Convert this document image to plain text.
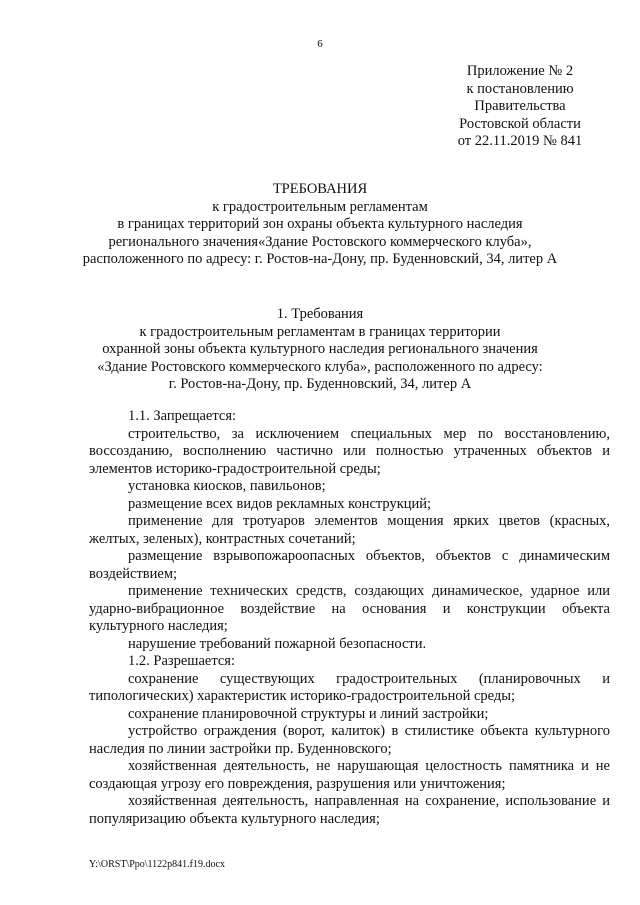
6
Приложение № 2
к постановлению
Правительства
Ростовской области
от 22.11.2019 № 841
ТРЕБОВАНИЯ
к градостроительным регламентам
в границах территорий зон охраны объекта культурного наследия
регионального значения«Здание Ростовского коммерческого клуба»,
расположенного по адресу: г. Ростов-на-Дону, пр. Буденновский, 34, литер А
1. Требования
к градостроительным регламентам в границах территории
охранной зоны объекта культурного наследия регионального значения
«Здание Ростовского коммерческого клуба», расположенного по адресу:
г. Ростов-на-Дону, пр. Буденновский, 34, литер А

1.1. Запрещается:

строительство, за исключением специальных мер по восстановлению, воссозданию, восполнению частично или полностью утраченных объектов и элементов историко-градостроительной среды;

установка киосков, павильонов;

размещение всех видов рекламных конструкций;

применение для тротуаров элементов мощения ярких цветов (красных, желтых, зеленых), контрастных сочетаний;

размещение взрывопожароопасных объектов, объектов с динамическим воздействием;

применение технических средств, создающих динамическое, ударное или ударно-вибрационное воздействие на основания и конструкции объекта культурного наследия;

нарушение требований пожарной безопасности.

1.2. Разрешается:

сохранение существующих градостроительных (планировочных и типологических) характеристик историко-градостроительной среды;

сохранение планировочной структуры и линий застройки;

устройство ограждения (ворот, калиток) в стилистике объекта культурного наследия по линии застройки пр. Буденновского;

хозяйственная деятельность, не нарушающая целостность памятника и не создающая угрозу его повреждения, разрушения или уничтожения;

хозяйственная деятельность, направленная на сохранение, использование и популяризацию объекта культурного наследия;

Y:\ORST\Ppo\1122p841.f19.docx
